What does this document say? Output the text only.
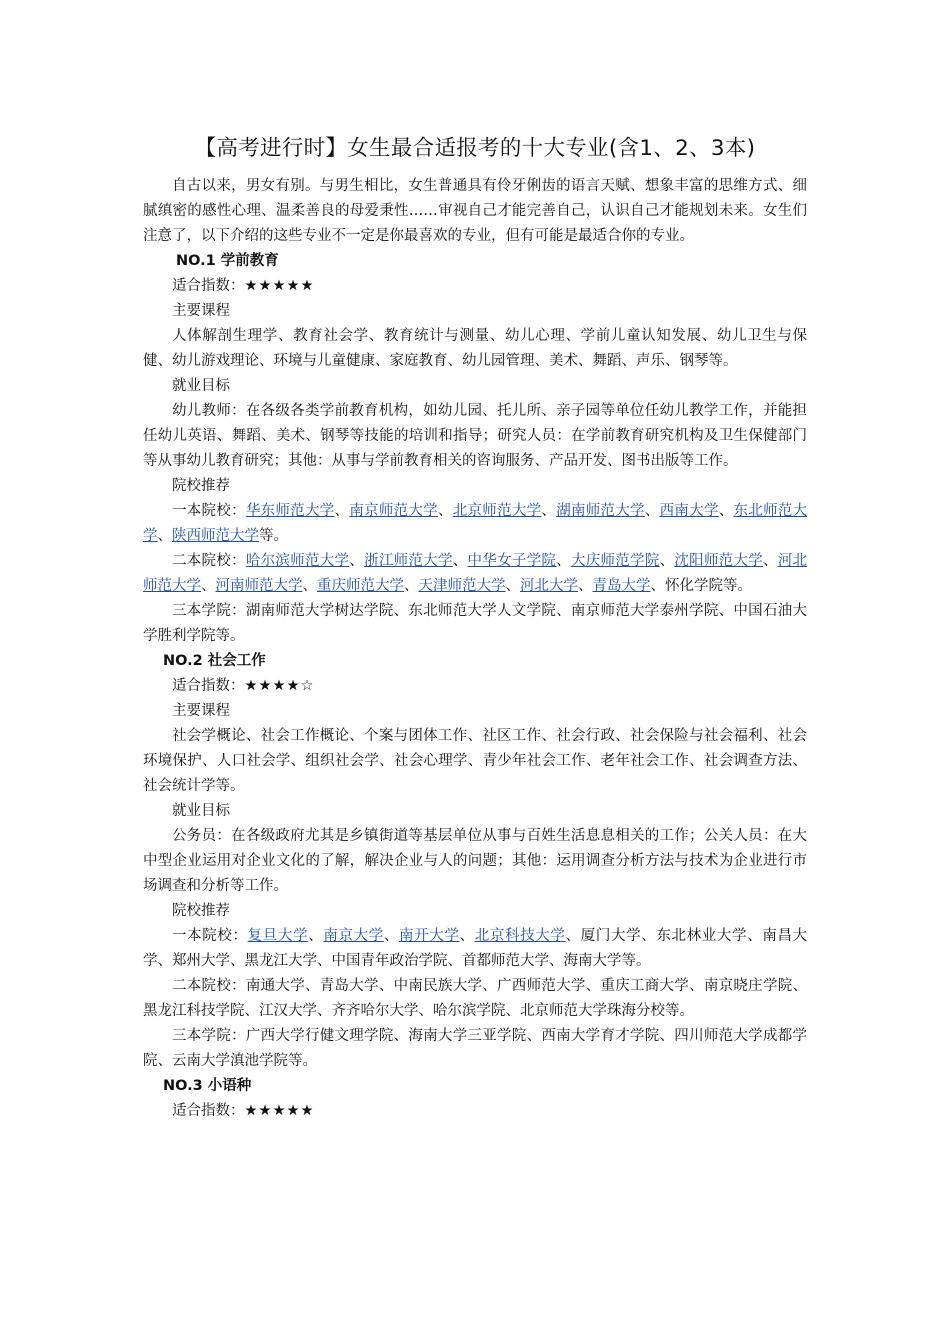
【高考进行时】女生最合适报考的十大专业(含1、2、3本)

自古以来，男女有别。与男生相比，女生普通具有伶牙俐齿的语言天赋、想象丰富的思维方式、细腻缜密的感性心理、温柔善良的母爱秉性……审视自己才能完善自己，认识自己才能规划未来。女生们注意了，以下介绍的这些专业不一定是你最喜欢的专业，但有可能是最适合你的专业。

NO.1 学前教育

适合指数：★★★★★

主要课程

人体解剖生理学、教育社会学、教育统计与测量、幼儿心理、学前儿童认知发展、幼儿卫生与保健、幼儿游戏理论、环境与儿童健康、家庭教育、幼儿园管理、美术、舞蹈、声乐、钢琴等。

就业目标

幼儿教师：在各级各类学前教育机构，如幼儿园、托儿所、亲子园等单位任幼儿教学工作，并能担任幼儿英语、舞蹈、美术、钢琴等技能的培训和指导；研究人员：在学前教育研究机构及卫生保健部门等从事幼儿教育研究；其他：从事与学前教育相关的咨询服务、产品开发、图书出版等工作。

院校推荐

一本院校：华东师范大学、南京师范大学、北京师范大学、湖南师范大学、西南大学、东北师范大学、陕西师范大学等。

二本院校：哈尔滨师范大学、浙江师范大学、中华女子学院、大庆师范学院、沈阳师范大学、河北师范大学、河南师范大学、重庆师范大学、天津师范大学、河北大学、青岛大学、怀化学院等。

三本学院：湖南师范大学树达学院、东北师范大学人文学院、南京师范大学泰州学院、中国石油大学胜利学院等。

NO.2 社会工作

适合指数：★★★★☆

主要课程

社会学概论、社会工作概论、个案与团体工作、社区工作、社会行政、社会保险与社会福利、社会环境保护、人口社会学、组织社会学、社会心理学、青少年社会工作、老年社会工作、社会调查方法、社会统计学等。

就业目标

公务员：在各级政府尤其是乡镇街道等基层单位从事与百姓生活息息相关的工作；公关人员：在大中型企业运用对企业文化的了解，解决企业与人的问题；其他：运用调查分析方法与技术为企业进行市场调查和分析等工作。

院校推荐

一本院校：复旦大学、南京大学、南开大学、北京科技大学、厦门大学、东北林业大学、南昌大学、郑州大学、黑龙江大学、中国青年政治学院、首都师范大学、海南大学等。

二本院校：南通大学、青岛大学、中南民族大学、广西师范大学、重庆工商大学、南京晓庄学院、黑龙江科技学院、江汉大学、齐齐哈尔大学、哈尔滨学院、北京师范大学珠海分校等。

三本学院：广西大学行健文理学院、海南大学三亚学院、西南大学育才学院、四川师范大学成都学院、云南大学滇池学院等。

NO.3 小语种

适合指数：★★★★★
